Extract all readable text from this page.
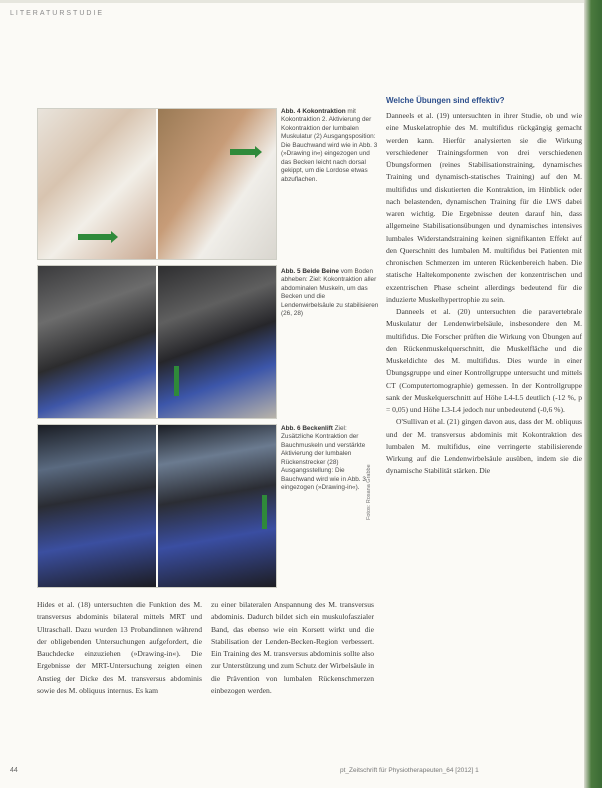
LITERATURSTUDIE
Abb. 4 Kokontraktion mit Kokontraktion 2. Aktivierung der Kokontraktion der lumbalen Muskulatur (2) Ausgangsposition: Die Bauchwand wird wie in Abb. 3 (»Drawing in«) eingezogen und das Becken leicht nach dorsal gekippt, um die Lordose etwas abzuflachen.
Abb. 5 Beide Beine vom Boden abheben: Ziel: Kokontraktion aller abdominalen Muskeln, um das Becken und die Lendenwirbelsäule zu stabilisieren (26, 28)
Abb. 6 Beckenlift Ziel: Zusätzliche Kontraktion der Bauchmuskeln und verstärkte Aktivierung der lumbalen Rückenstrecker (28) Ausgangsstellung: Die Bauchwand wird wie in Abb. 3 eingezogen (»Drawing-in«).	Fotos: Rosana Grabbe
Welche Übungen sind effektiv?

Danneels et al. (19) untersuchten in ihrer Studie, ob und wie eine Muskelatrophie des M. multifidus rückgängig gemacht werden kann. Hierfür analysierten sie die Wirkung verschiedener Trainingsformen von drei verschiedenen Übungsformen (reines Stabilisationstraining, dynamisches Training und dynamisch-statisches Training) auf den M. multifidus und diskutierten die Kontraktion, im Hinblick oder nach belastenden, dynamischen Training für die LWS dabei waren wichtig. Die Ergebnisse deuten darauf hin, dass allgemeine Stabilisationsübungen und dynamisches intensives lumbales Widerstandstraining keinen signifikanten Effekt auf den Querschnitt des lumbalen M. multifidus bei Patienten mit chronischen Schmerzen im unteren Rückenbereich haben. Die statische Haltekomponente zwischen der konzentrischen und exzentrischen Phase scheint allerdings bedeutend für die induzierte Muskelhypertrophie zu sein.

Danneels et al. (20) untersuchten die paravertebrale Muskulatur der Lendenwirbelsäule, insbesondere den M. multifidus. Die Forscher prüften die Wirkung von Übungen auf den Rückenmuskelquerschnitt, die Muskelfläche und die Muskeldichte des M. multifidus. Dies wurde in einer Übungsgruppe und einer Kontrollgruppe untersucht und mittels CT (Computertomographie) gemessen. In der Kontrollgruppe sank der Muskelquerschnitt auf Höhe L4-L5 deutlich (-12 %, p = 0,05) und Höhe L3-L4 jedoch nur unbedeutend (-0,6 %).

O'Sullivan et al. (21) gingen davon aus, dass der M. obliquus und der M. transversus abdominis mit Kokontraktion des lumbalen M. multifidus, eine verringerte stabilisierende Wirkung auf die Lendenwirbelsäule ausüben, indem sie die dynamische Stabilität stärken. Die

Hides et al. (18) untersuchten die Funktion des M. transversus abdominis bilateral mittels MRT und Ultraschall. Dazu wurden 13 Probandinnen während der obligebenden Untersuchungen aufgefordert, die Bauchdecke einzuziehen (»Drawing-in«). Die Ergebnisse der MRT-Untersuchung zeigten einen Anstieg der Dicke des M. transversus abdominis sowie des M. obliquus internus. Es kam

zu einer bilateralen Anspannung des M. transversus abdominis. Dadurch bildet sich ein muskulofaszialer Band, das ebenso wie ein Korsett wirkt und die Stabilisation der Lenden-Becken-Region verbessert. Ein Training des M. transversus abdominis sollte also zur Unterstützung und zum Schutz der Wirbelsäule in die Prävention von lumbalen Rückenschmerzen einbezogen werden.

44	pt_Zeitschrift für Physiotherapeuten_64 [2012] 1
